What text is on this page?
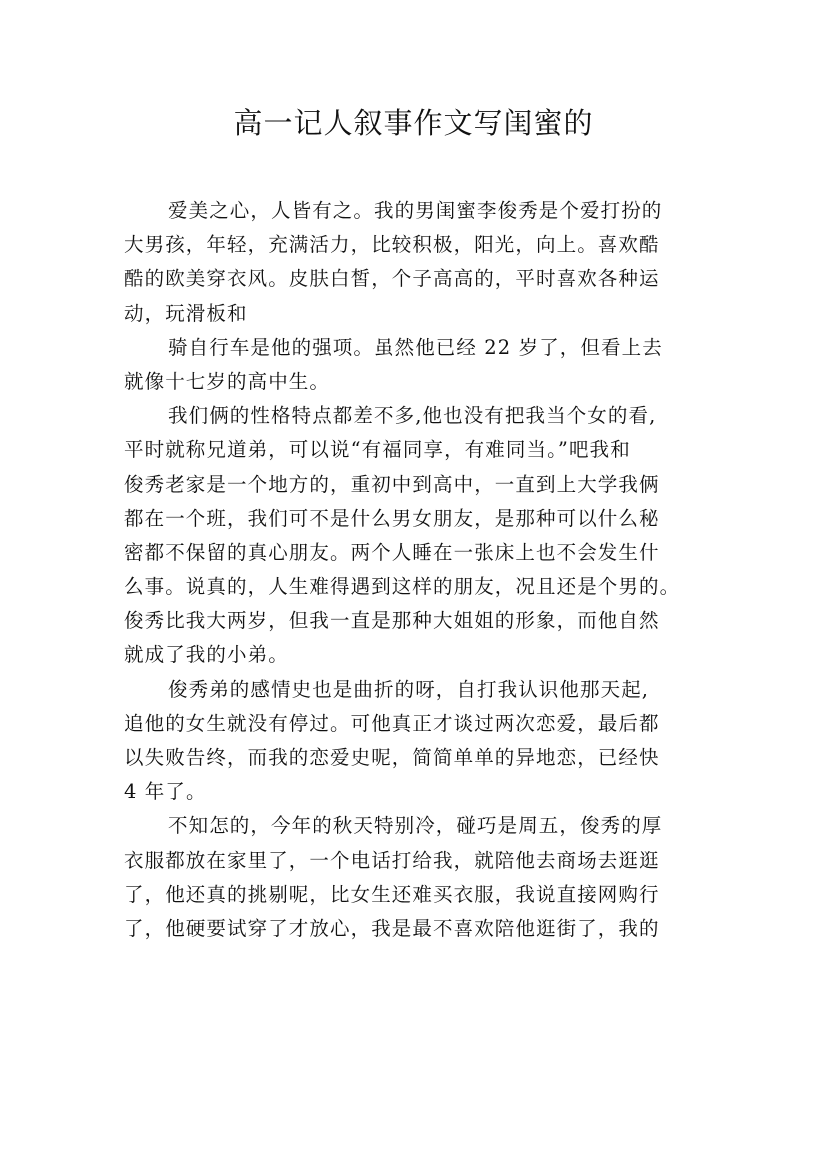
高一记人叙事作文写闺蜜的
爱美之心，人皆有之。我的男闺蜜李俊秀是个爱打扮的
大男孩，年轻，充满活力，比较积极，阳光，向上。喜欢酷
酷的欧美穿衣风。皮肤白皙，个子高高的，平时喜欢各种运
动，玩滑板和
骑自行车是他的强项。虽然他已经 22 岁了，但看上去
就像十七岁的高中生。
我们俩的性格特点都差不多,他也没有把我当个女的看,
平时就称兄道弟，可以说“有福同享，有难同当。”吧我和
俊秀老家是一个地方的，重初中到高中，一直到上大学我俩
都在一个班，我们可不是什么男女朋友，是那种可以什么秘
密都不保留的真心朋友。两个人睡在一张床上也不会发生什
么事。说真的，人生难得遇到这样的朋友，况且还是个男的。
俊秀比我大两岁，但我一直是那种大姐姐的形象，而他自然
就成了我的小弟。
俊秀弟的感情史也是曲折的呀，自打我认识他那天起,
追他的女生就没有停过。可他真正才谈过两次恋爱，最后都
以失败告终，而我的恋爱史呢，简简单单的异地恋，已经快
4 年了。
不知怎的，今年的秋天特别冷，碰巧是周五，俊秀的厚
衣服都放在家里了，一个电话打给我，就陪他去商场去逛逛
了，他还真的挑剔呢，比女生还难买衣服，我说直接网购行
了，他硬要试穿了才放心，我是最不喜欢陪他逛街了，我的
